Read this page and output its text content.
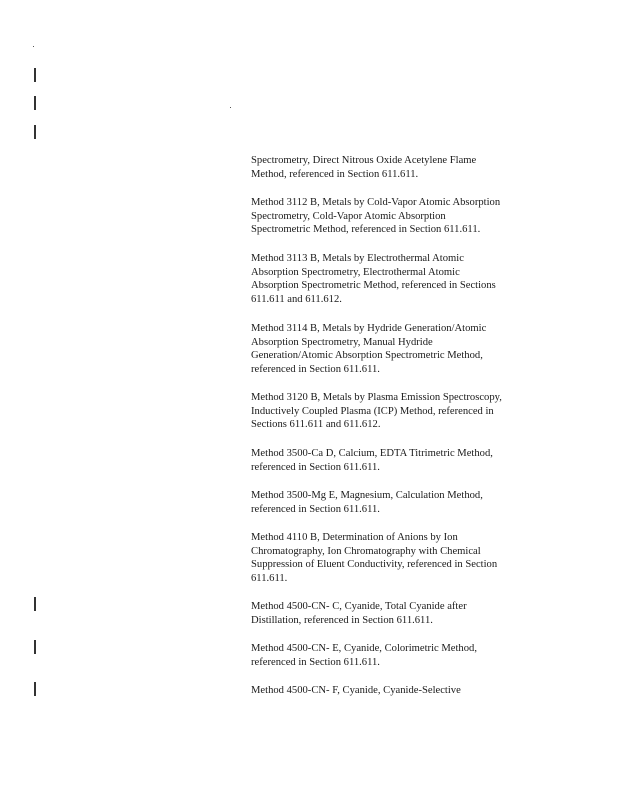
Spectrometry, Direct Nitrous Oxide Acetylene Flame
Method, referenced in Section 611.611.

Method 3112 B, Metals by Cold-Vapor Atomic Absorption
Spectrometry, Cold-Vapor Atomic Absorption
Spectrometric Method, referenced in Section 611.611.

Method 3113 B, Metals by Electrothermal Atomic
Absorption Spectrometry, Electrothermal Atomic
Absorption Spectrometric Method, referenced in Sections
611.611 and 611.612.

Method 3114 B, Metals by Hydride Generation/Atomic
Absorption Spectrometry, Manual Hydride
Generation/Atomic Absorption Spectrometric Method,
referenced in Section 611.611.

Method 3120 B, Metals by Plasma Emission Spectroscopy,
Inductively Coupled Plasma (ICP) Method, referenced in
Sections 611.611 and 611.612.

Method 3500-Ca D, Calcium, EDTA Titrimetric Method,
referenced in Section 611.611.

Method 3500-Mg E, Magnesium, Calculation Method,
referenced in Section 611.611.

Method 4110 B, Determination of Anions by Ion
Chromatography, Ion Chromatography with Chemical
Suppression of Eluent Conductivity, referenced in Section
611.611.

Method 4500-CN- C, Cyanide, Total Cyanide after
Distillation, referenced in Section 611.611.

Method 4500-CN- E, Cyanide, Colorimetric Method,
referenced in Section 611.611.

Method 4500-CN- F, Cyanide, Cyanide-Selective
